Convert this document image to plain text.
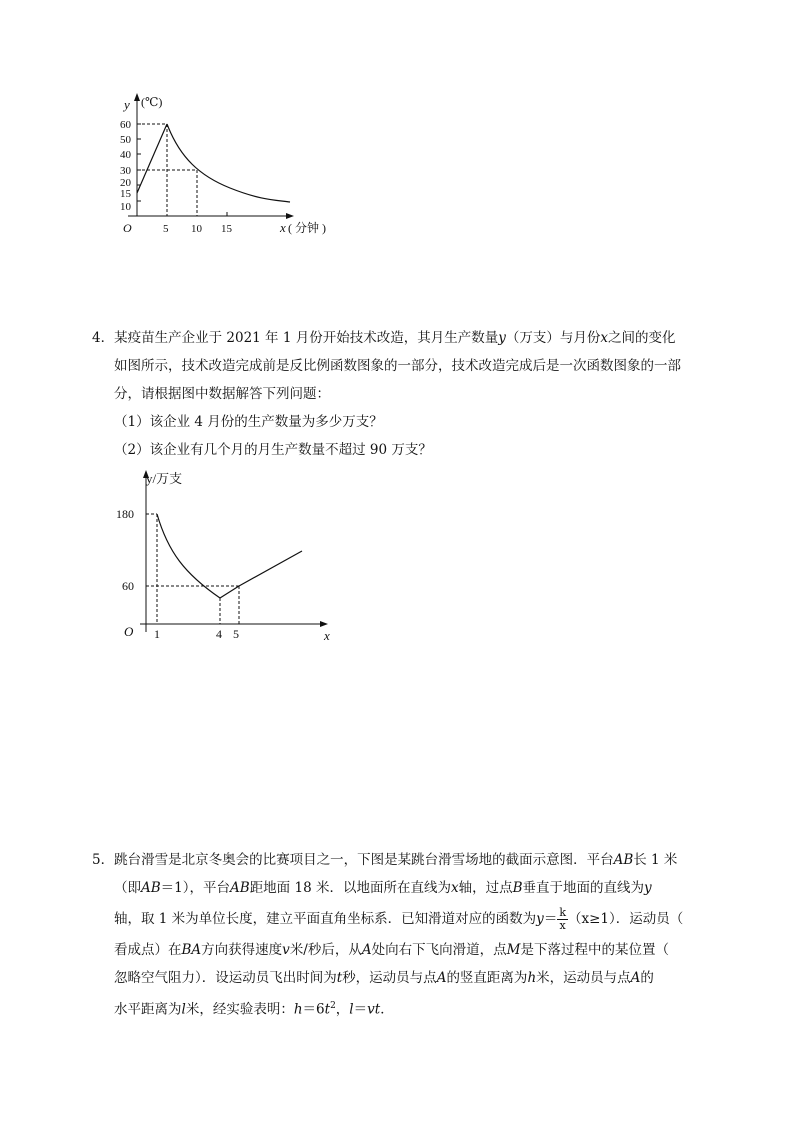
y (℃)
60
50
40
30
20
15
10
O	5 10 15	x ( 分钟 )
4．某疫苗生产企业于 2021 年 1 月份开始技术改造，其月生产数量y（万支）与月份x之间的变化
如图所示，技术改造完成前是反比例函数图象的一部分，技术改造完成后是一次函数图象的一部
分，请根据图中数据解答下列问题：
（1）该企业 4 月份的生产数量为多少万支？
（2）该企业有几个月的月生产数量不超过 90 万支？
y/万支
180
60
O 1	4 5	x
5．跳台滑雪是北京冬奥会的比赛项目之一，下图是某跳台滑雪场地的截面示意图．平台AB长 1 米
（即AB＝1），平台AB距地面 18 米．以地面所在直线为x轴，过点B垂直于地面的直线为y
轴，取 1 米为单位长度，建立平面直角坐标系．已知滑道对应的函数为$y= \frac{k}{x} (x\ge 1)$．运动员（
看成点）在BA方向获得速度v米/秒后，从A处向右下飞向滑道，点M是下落过程中的某位置（
忽略空气阻力）．设运动员飞出时间为t秒，运动员与点A的竖直距离为h米，运动员与点A的
水平距离为l米，经实验表明：$h=6t^2$，l＝vt．
